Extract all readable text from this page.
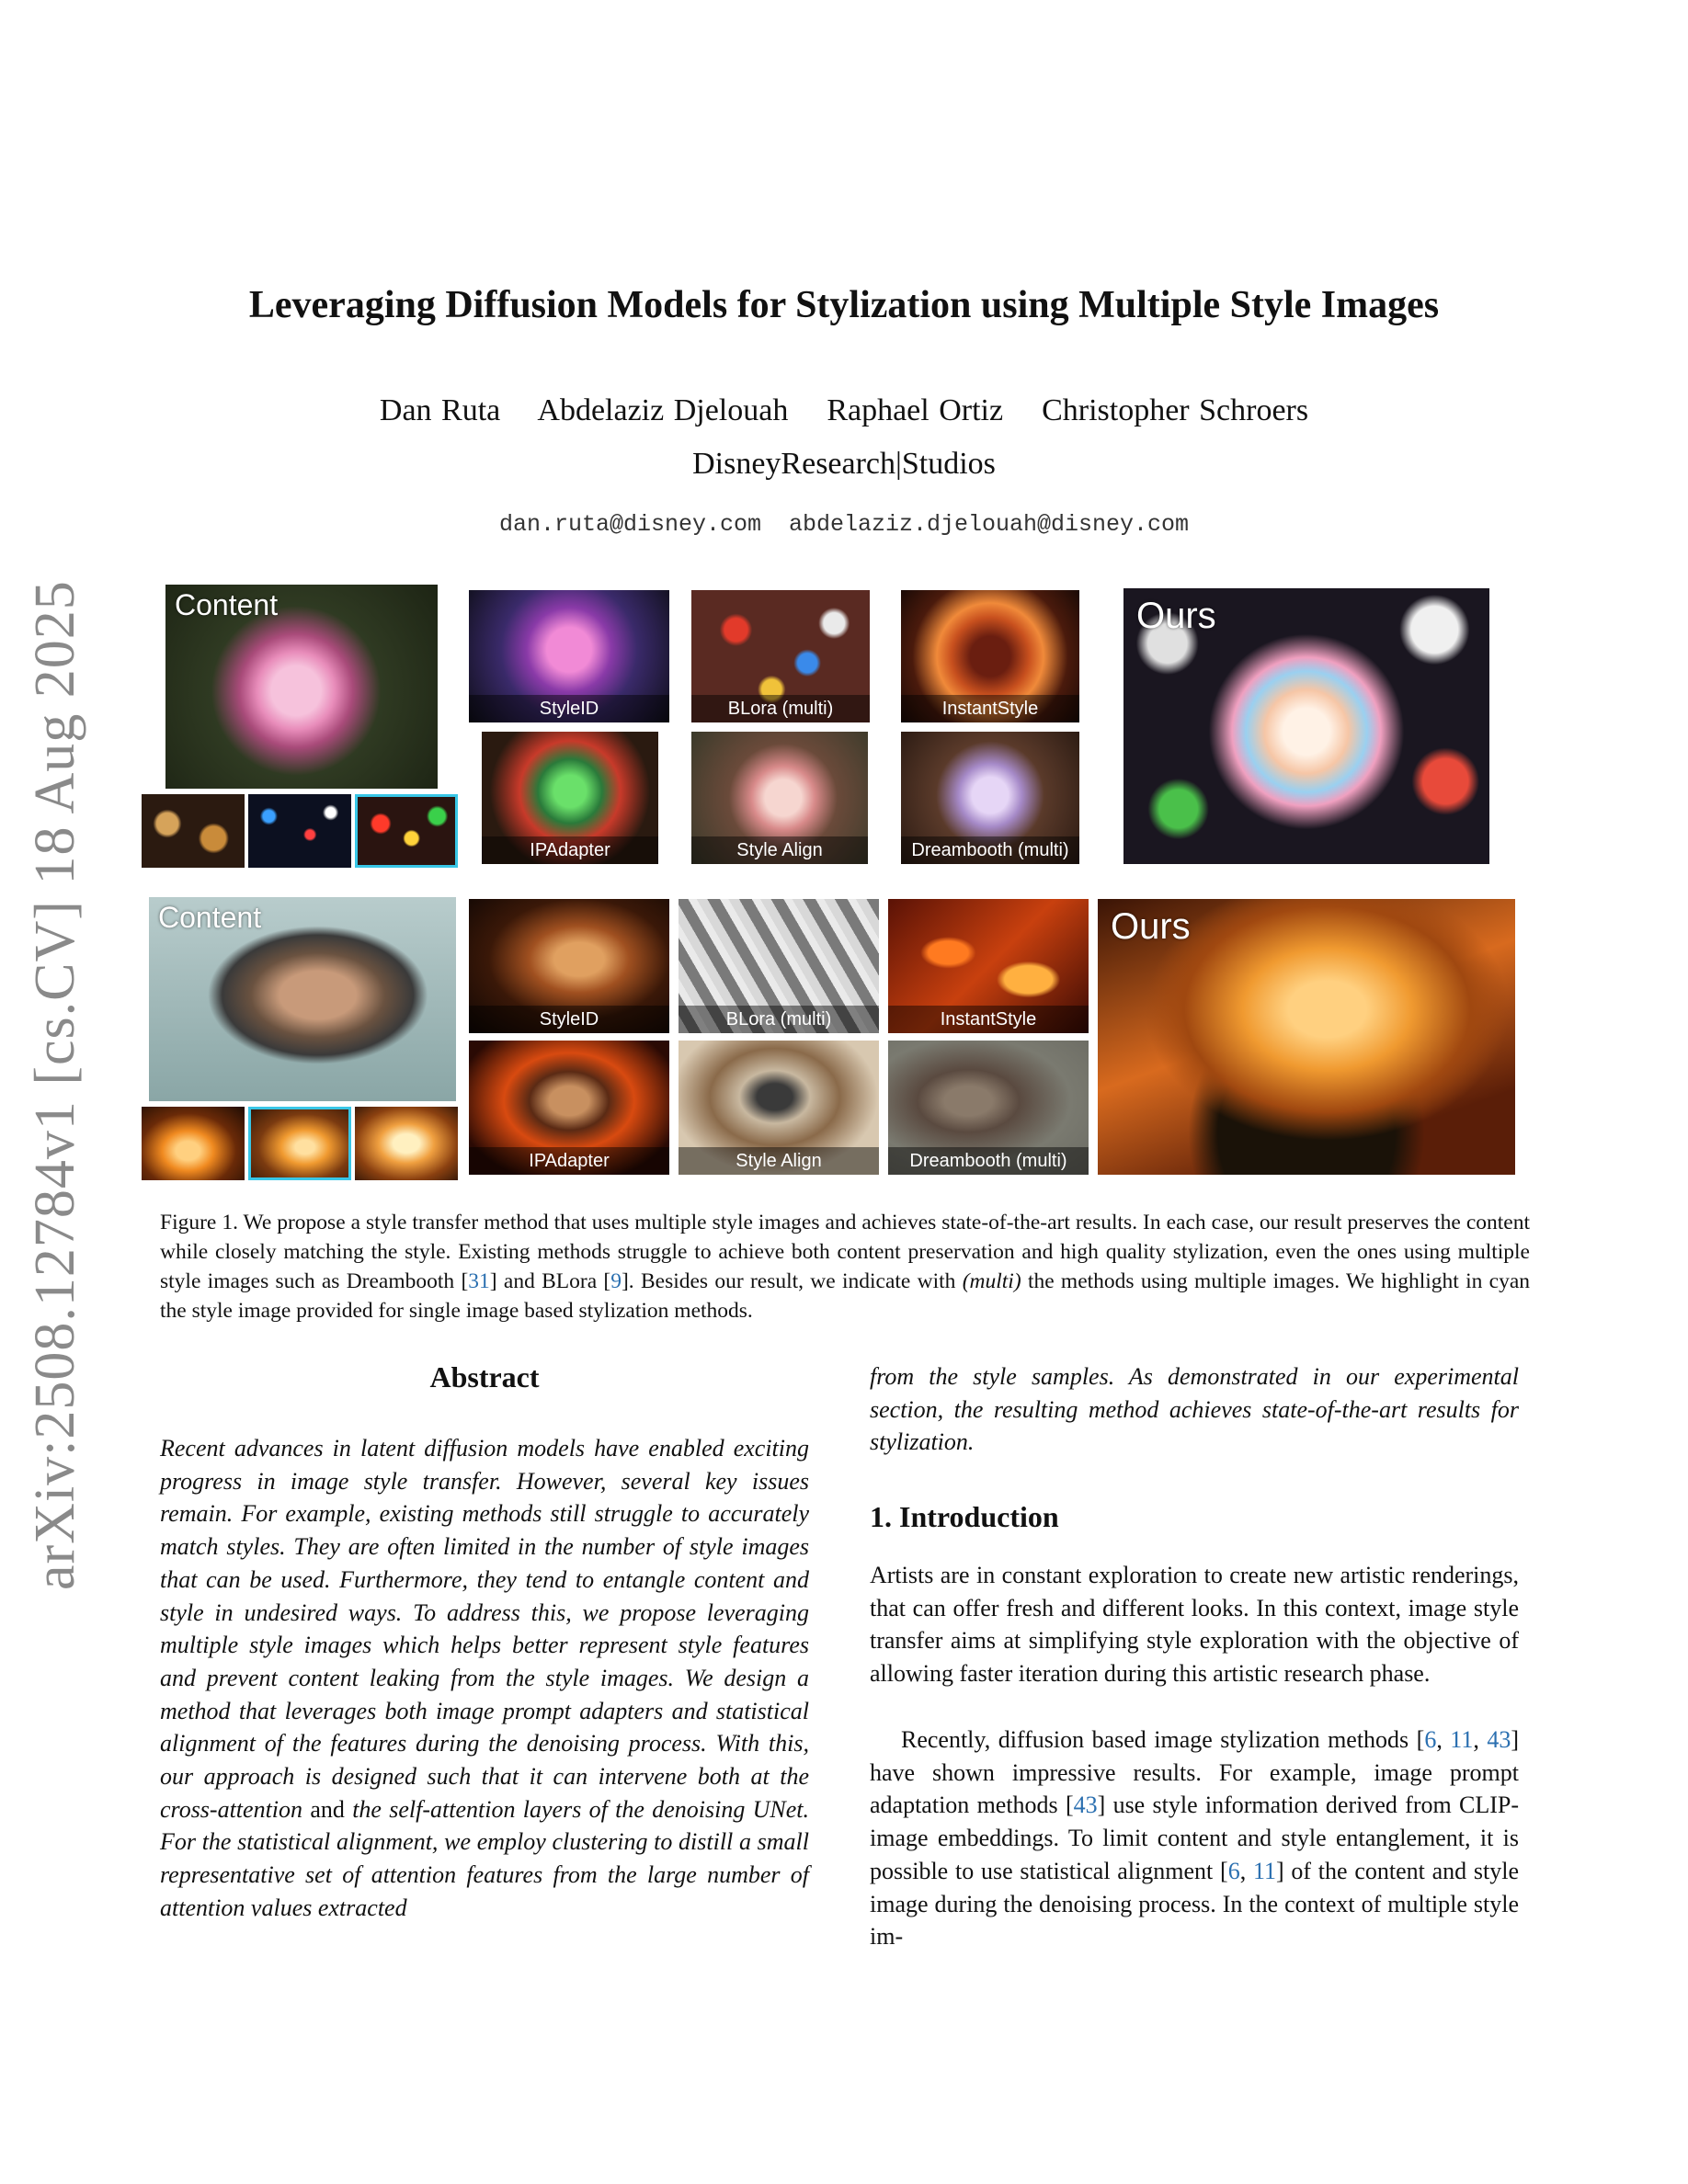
arXiv:2508.12784v1 [cs.CV] 18 Aug 2025
Leveraging Diffusion Models for Stylization using Multiple Style Images
Dan Ruta    Abdelaziz Djelouah    Raphael Ortiz    Christopher Schroers
DisneyResearch|Studios
dan.ruta@disney.com  abdelaziz.djelouah@disney.com
Content
StyleID	BLora (multi)	InstantStyle
IPAdapter	Style Align	Dreambooth (multi)
Ours
Content
StyleID	BLora (multi)	InstantStyle
IPAdapter	Style Align	Dreambooth (multi)
Ours
Figure 1. We propose a style transfer method that uses multiple style images and achieves state-of-the-art results. In each case, our result preserves the content while closely matching the style. Existing methods struggle to achieve both content preservation and high quality stylization, even the ones using multiple style images such as Dreambooth [31] and BLora [9]. Besides our result, we indicate with (multi) the methods using multiple images. We highlight in cyan the style image provided for single image based stylization methods.
Abstract
Recent advances in latent diffusion models have enabled exciting progress in image style transfer. However, several key issues remain. For example, existing methods still struggle to accurately match styles. They are often limited in the number of style images that can be used. Furthermore, they tend to entangle content and style in undesired ways. To address this, we propose leveraging multiple style images which helps better represent style features and prevent content leaking from the style images. We design a method that leverages both image prompt adapters and statistical alignment of the features during the denoising process. With this, our approach is designed such that it can intervene both at the cross-attention and the self-attention layers of the denoising UNet. For the statistical alignment, we employ clustering to distill a small representative set of attention features from the large number of attention values extracted
from the style samples. As demonstrated in our experimental section, the resulting method achieves state-of-the-art results for stylization.
1. Introduction
Artists are in constant exploration to create new artistic renderings, that can offer fresh and different looks. In this context, image style transfer aims at simplifying style exploration with the objective of allowing faster iteration during this artistic research phase.
Recently, diffusion based image stylization methods [6, 11, 43] have shown impressive results. For example, image prompt adaptation methods [43] use style information derived from CLIP-image embeddings. To limit content and style entanglement, it is possible to use statistical alignment [6, 11] of the content and style image during the denoising process. In the context of multiple style im-
